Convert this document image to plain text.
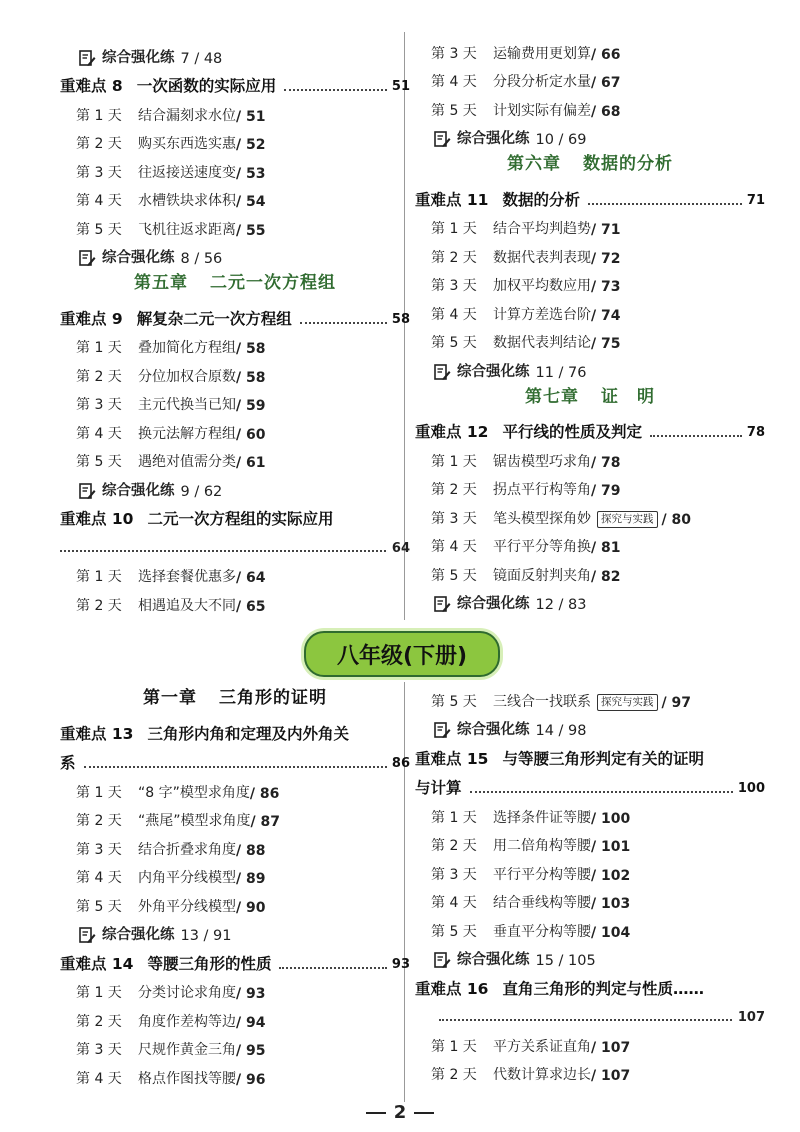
综合强化练 7 / 48
重难点 8 一次函数的实际应用	51
第 1 天	结合漏刻求水位 / 51
第 2 天	购买东西选实惠 / 52
第 3 天	往返接送速度变 / 53
第 4 天	水槽铁块求体积 / 54
第 5 天	飞机往返求距离 / 55
综合强化练 8 / 56
第五章 二元一次方程组
重难点 9 解复杂二元一次方程组	58
第 1 天	叠加简化方程组 / 58
第 2 天	分位加权合原数 / 58
第 3 天	主元代换当已知 / 59
第 4 天	换元法解方程组 / 60
第 5 天	遇绝对值需分类 / 61
综合强化练 9 / 62
重难点 10 二元一次方程组的实际应用
64
第 1 天	选择套餐优惠多 / 64
第 2 天	相遇追及大不同 / 65
第 3 天	运输费用更划算 / 66
第 4 天	分段分析定水量 / 67
第 5 天	计划实际有偏差 / 68
综合强化练 10 / 69
第六章 数据的分析
重难点 11 数据的分析	71
第 1 天	结合平均判趋势 / 71
第 2 天	数据代表判表现 / 72
第 3 天	加权平均数应用 / 73
第 4 天	计算方差选台阶 / 74
第 5 天	数据代表判结论 / 75
综合强化练 11 / 76
第七章 证　明
重难点 12 平行线的性质及判定	78
第 1 天	锯齿模型巧求角 / 78
第 2 天	拐点平行构等角 / 79
第 3 天	笔头模型探角妙 探究与实践 / 80
第 4 天	平行平分等角换 / 81
第 5 天	镜面反射判夹角 / 82
综合强化练 12 / 83
八年级(下册)
第一章 三角形的证明
重难点 13 三角形内角和定理及内外角关
系	86
第 1 天	“8 字”模型求角度 / 86
第 2 天	“燕尾”模型求角度 / 87
第 3 天	结合折叠求角度 / 88
第 4 天	内角平分线模型 / 89
第 5 天	外角平分线模型 / 90
综合强化练 13 / 91
重难点 14 等腰三角形的性质	93
第 1 天	分类讨论求角度 / 93
第 2 天	角度作差构等边 / 94
第 3 天	尺规作黄金三角 / 95
第 4 天	格点作图找等腰 / 96
第 5 天	三线合一找联系 探究与实践 / 97
综合强化练 14 / 98
重难点 15 与等腰三角形判定有关的证明
与计算	100
第 1 天	选择条件证等腰 / 100
第 2 天	用二倍角构等腰 / 101
第 3 天	平行平分构等腰 / 102
第 4 天	结合垂线构等腰 / 103
第 5 天	垂直平分构等腰 / 104
综合强化练 15 / 105
重难点 16 直角三角形的判定与性质……
107
第 1 天	平方关系证直角 / 107
第 2 天	代数计算求边长 / 107
2
